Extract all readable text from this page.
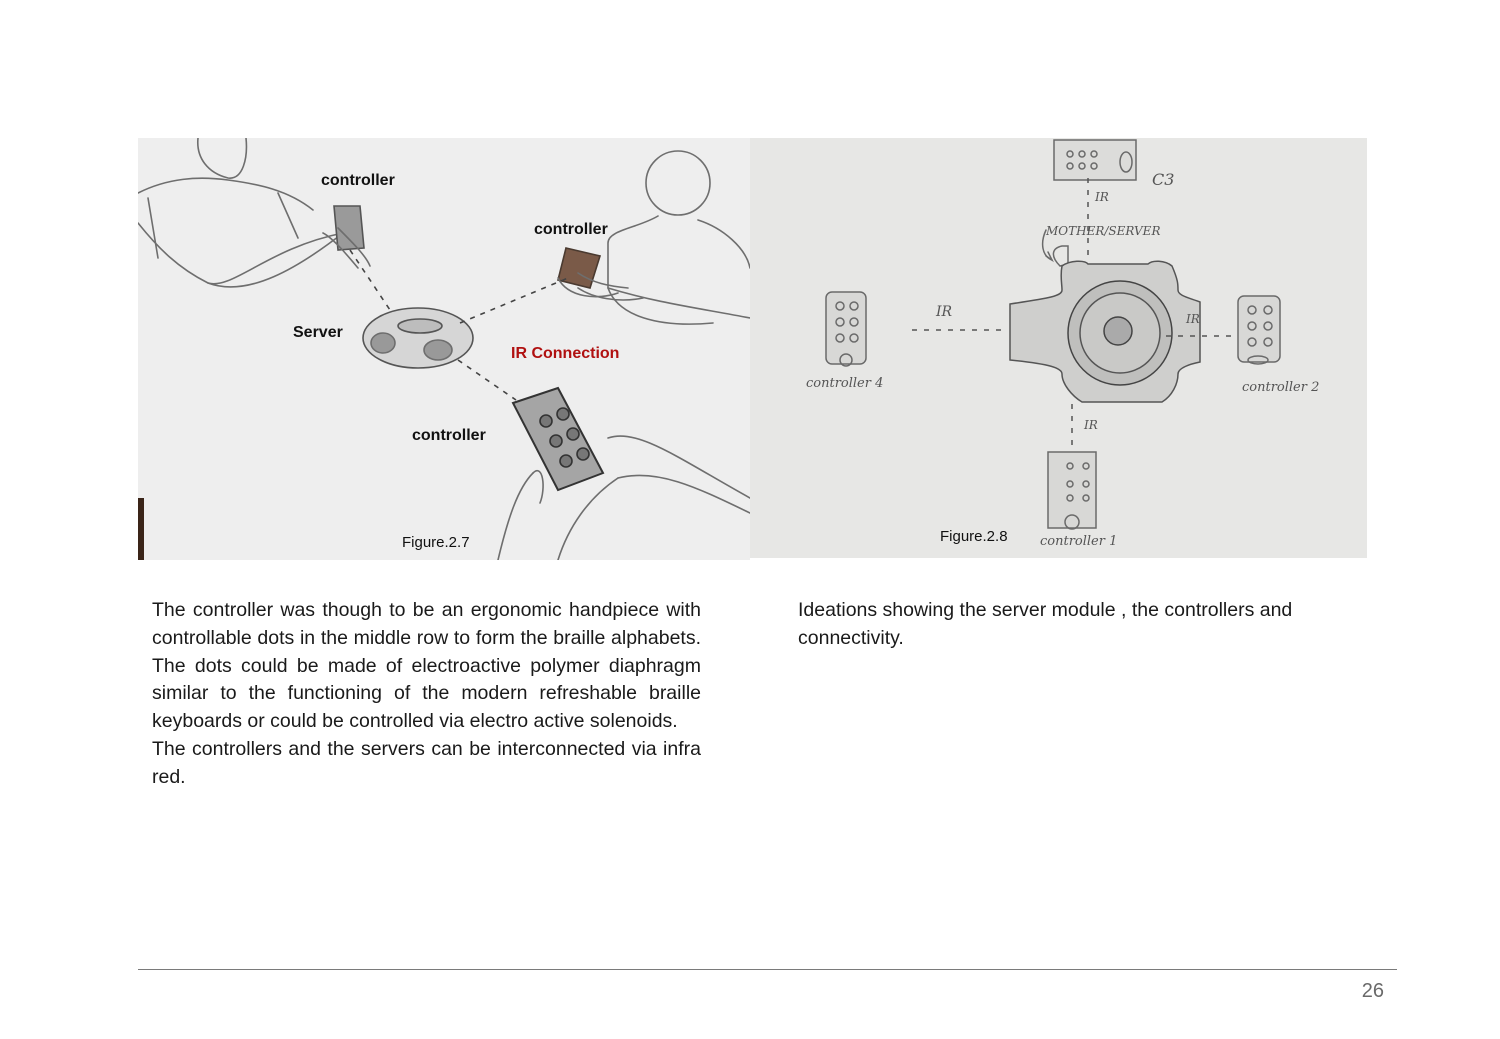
controller
controller
Server
IR Connection
controller
Figure.2.7
C3
IR
MOTHER/SERVER
IR	IR
IR
controller 4	controller 2
controller 1
Figure.2.8

The controller was though to be an ergonomic handpiece with controllable dots in the middle row to form the braille alphabets. The dots could be made of electroactive polymer diaphragm similar to the functioning of the modern refreshable braille keyboards or could be controlled via electro active solenoids.

The controllers and the servers can be interconnected via infra red.

Ideations showing the server module , the controllers and connectivity.

26
